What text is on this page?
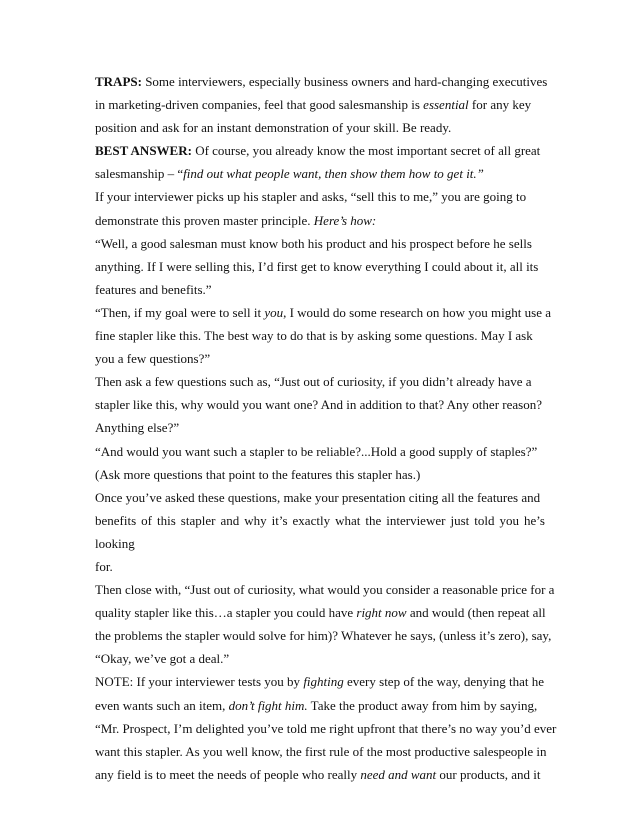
TRAPS: Some interviewers, especially business owners and hard-changing executives
in marketing-driven companies, feel that good salesmanship is essential for any key
position and ask for an instant demonstration of your skill. Be ready.
BEST ANSWER: Of course, you already know the most important secret of all great
salesmanship – “find out what people want, then show them how to get it.”
If your interviewer picks up his stapler and asks, “sell this to me,” you are going to
demonstrate this proven master principle. Here’s how:
“Well, a good salesman must know both his product and his prospect before he sells
anything. If I were selling this, I’d first get to know everything I could about it, all its
features and benefits.”
“Then, if my goal were to sell it you, I would do some research on how you might use a
fine stapler like this. The best way to do that is by asking some questions. May I ask
you a few questions?”
Then ask a few questions such as, “Just out of curiosity, if you didn’t already have a
stapler like this, why would you want one? And in addition to that? Any other reason?
Anything else?”
“And would you want such a stapler to be reliable?...Hold a good supply of staples?”
(Ask more questions that point to the features this stapler has.)
Once you’ve asked these questions, make your presentation citing all the features and
benefits of this stapler and why it’s exactly what the interviewer just told you he’s
looking
for.
Then close with, “Just out of curiosity, what would you consider a reasonable price for a
quality stapler like this…a stapler you could have right now and would (then repeat all
the problems the stapler would solve for him)? Whatever he says, (unless it’s zero), say,
“Okay, we’ve got a deal.”
NOTE: If your interviewer tests you by fighting every step of the way, denying that he
even wants such an item, don’t fight him. Take the product away from him by saying,
“Mr. Prospect, I’m delighted you’ve told me right upfront that there’s no way you’d ever
want this stapler. As you well know, the first rule of the most productive salespeople in
any field is to meet the needs of people who really need and want our products, and it
